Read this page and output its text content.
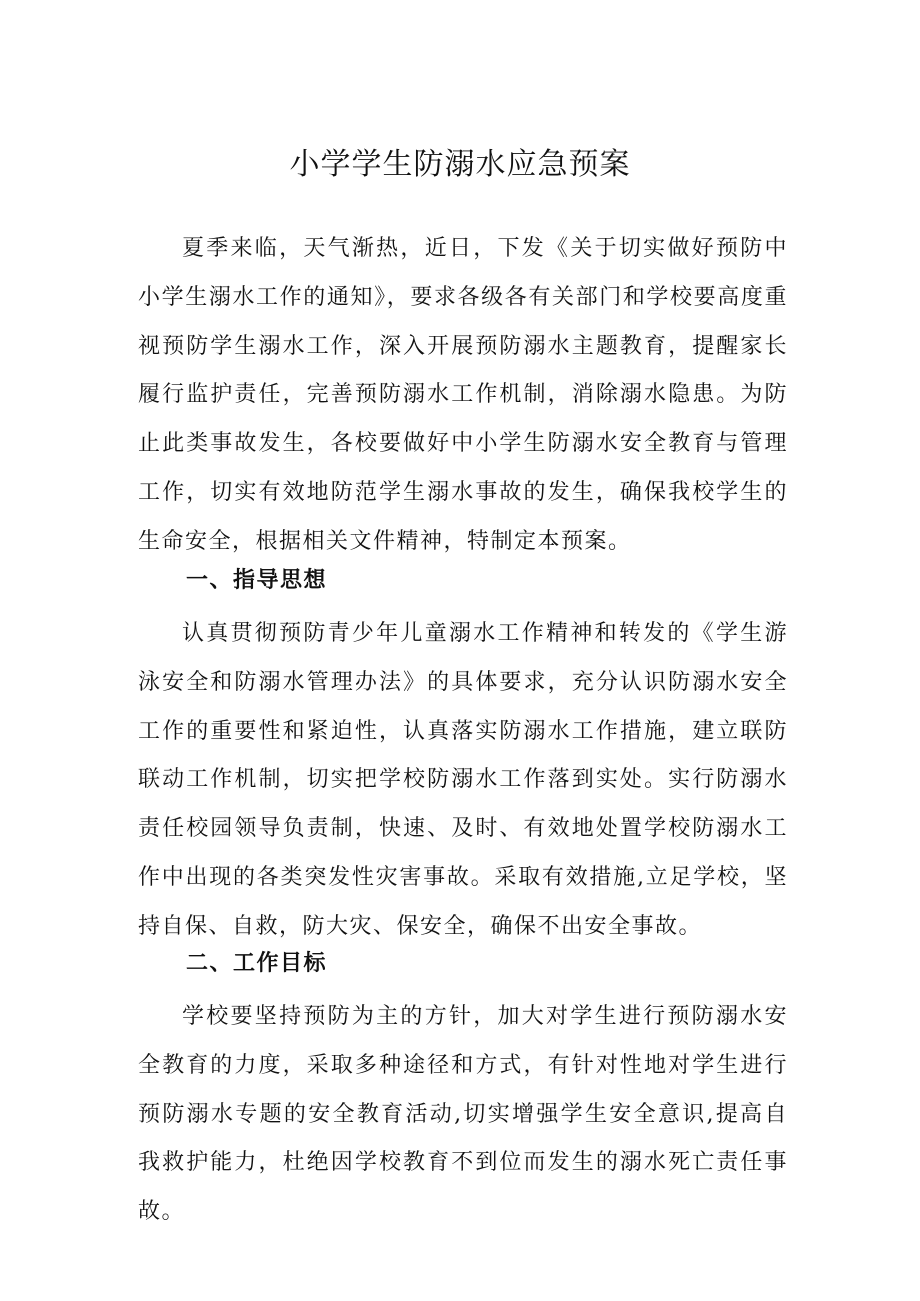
小学学生防溺水应急预案

夏季来临，天气渐热，近日，下发《关于切实做好预防中小学生溺水工作的通知》，要求各级各有关部门和学校要高度重视预防学生溺水工作，深入开展预防溺水主题教育，提醒家长履行监护责任，完善预防溺水工作机制，消除溺水隐患。为防止此类事故发生，各校要做好中小学生防溺水安全教育与管理工作，切实有效地防范学生溺水事故的发生，确保我校学生的生命安全，根据相关文件精神，特制定本预案。

一、指导思想

认真贯彻预防青少年儿童溺水工作精神和转发的《学生游泳安全和防溺水管理办法》的具体要求，充分认识防溺水安全工作的重要性和紧迫性，认真落实防溺水工作措施，建立联防联动工作机制，切实把学校防溺水工作落到实处。实行防溺水责任校园领导负责制，快速、及时、有效地处置学校防溺水工作中出现的各类突发性灾害事故。采取有效措施,立足学校，坚持自保、自救，防大灾、保安全，确保不出安全事故。

二、工作目标

学校要坚持预防为主的方针，加大对学生进行预防溺水安全教育的力度，采取多种途径和方式，有针对性地对学生进行预防溺水专题的安全教育活动,切实增强学生安全意识,提高自我救护能力，杜绝因学校教育不到位而发生的溺水死亡责任事故。
